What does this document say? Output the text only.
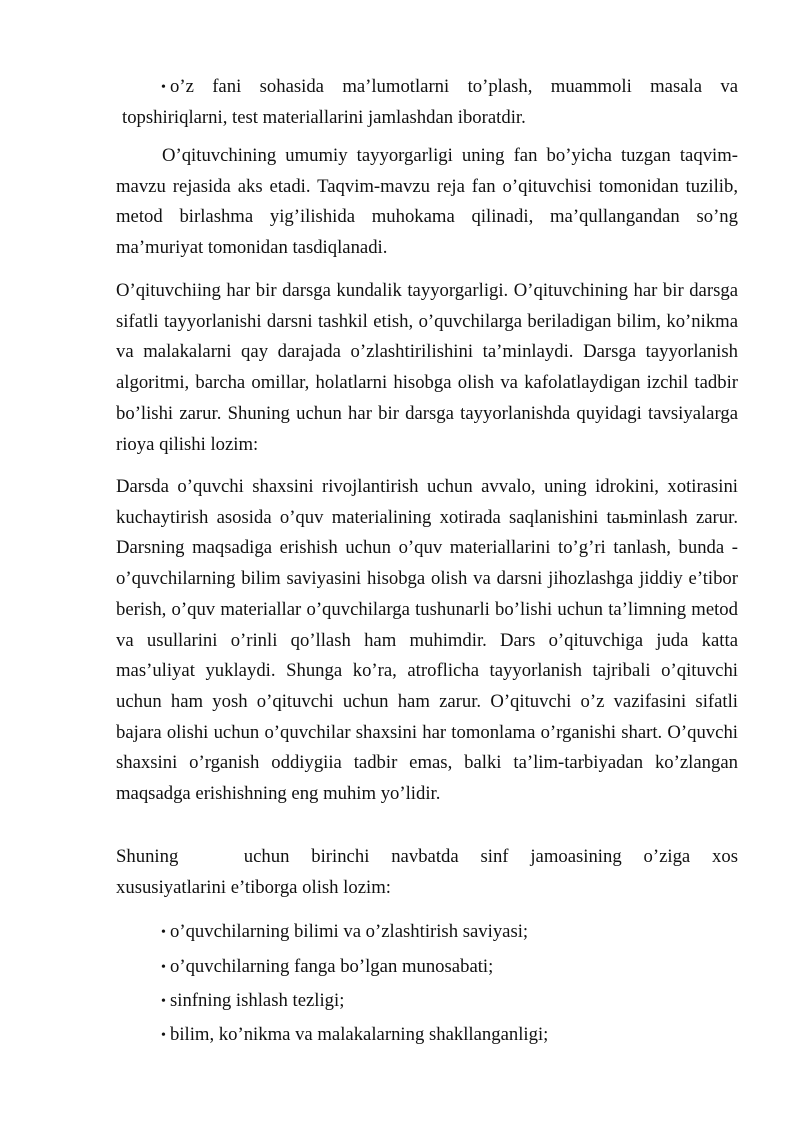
• o’z fani sohasida ma’lumotlarni to’plash, muammoli masala va
topshiriqlarni, test materiallarini jamlashdan iboratdir.
O’qituvchining umumiy tayyorgarligi uning fan bo’yicha tuzgan taqvim-mavzu rejasida aks etadi. Taqvim-mavzu reja fan o’qituvchisi tomonidan tuzilib, metod birlashma yig’ilishida muhokama qilinadi, ma’qullangandan so’ng ma’muriyat tomonidan tasdiqlanadi.
O’qituvchiing har bir darsga kundalik tayyorgarligi. O’qituvchining har bir darsga sifatli tayyorlanishi darsni tashkil etish, o’quvchilarga beriladigan bilim, ko’nikma va malakalarni qay darajada o’zlashtirilishini ta’minlaydi. Darsga tayyorlanish algoritmi, barcha omillar, holatlarni hisobga olish va kafolatlaydigan izchil tadbir bo’lishi zarur. Shuning uchun har bir darsga tayyorlanishda quyidagi tavsiyalarga rioya qilishi lozim:
Darsda o’quvchi shaxsini rivojlantirish uchun avvalo, uning idrokini, xotirasini kuchaytirish asosida o’quv materialining xotirada saqlanishini taьminlash zarur. Darsning maqsadiga erishish uchun o’quv materiallarini to’g’ri tanlash, bunda - o’quvchilarning bilim saviyasini hisobga olish va darsni jihozlashga jiddiy e’tibor berish, o’quv materiallar o’quvchilarga tushunarli bo’lishi uchun ta’limning metod va usullarini o’rinli qo’llash ham muhimdir. Dars o’qituvchiga juda katta mas’uliyat yuklaydi. Shunga ko’ra, atroflicha tayyorlanish tajribali o’qituvchi uchun ham yosh o’qituvchi uchun ham zarur. O’qituvchi o’z vazifasini sifatli bajara olishi uchun o’quvchilar shaxsini har tomonlama o’rganishi shart. O’quvchi shaxsini o’rganish oddiygiia tadbir emas, balki ta’lim-tarbiyadan ko’zlangan maqsadga erishishning eng muhim yo’lidir.
Shuning            uchun    birinchi    navbatda    sinf    jamoasining    o’ziga    xos
xususiyatlarini e’tiborga olish lozim:
• o’quvchilarning bilimi va o’zlashtirish saviyasi;
• o’quvchilarning fanga bo’lgan munosabati;
• sinfning ishlash tezligi;
• bilim, ko’nikma va malakalarning shakllanganligi;
